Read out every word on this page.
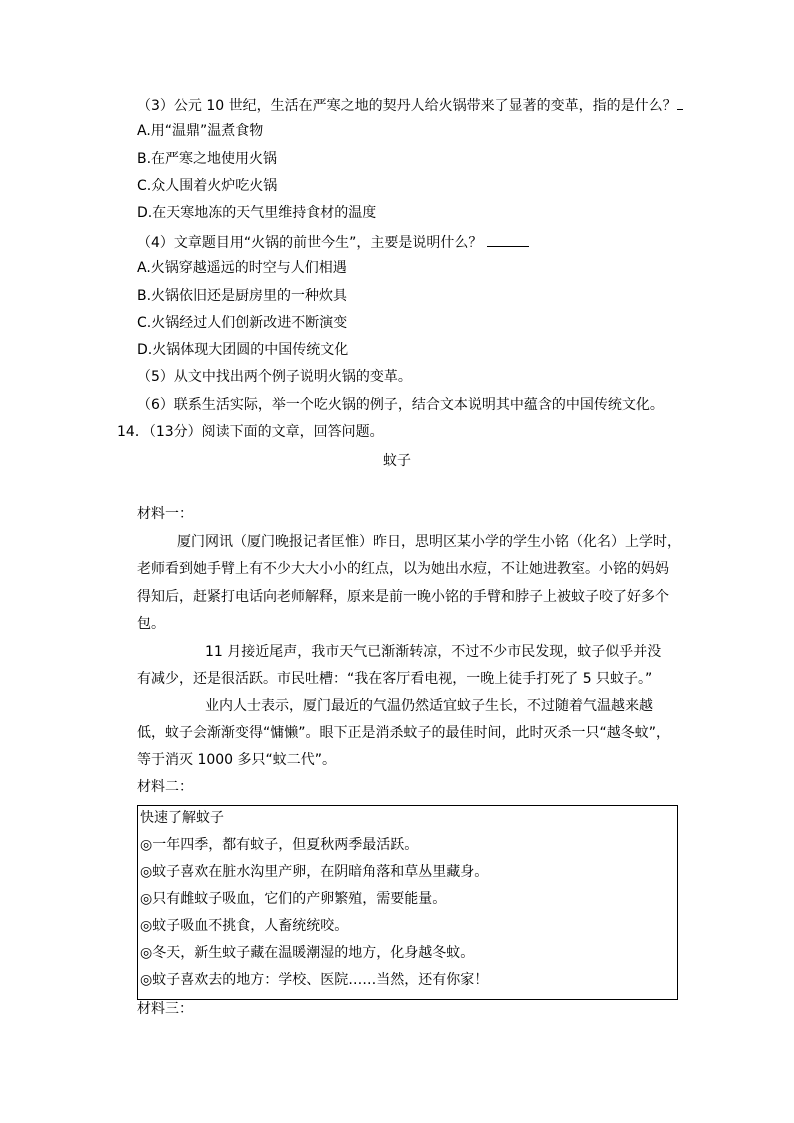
（3）公元 10 世纪，生活在严寒之地的契丹人给火锅带来了显著的变革，指的是什么？
A.用“温鼎”温煮食物
B.在严寒之地使用火锅
C.众人围着火炉吃火锅
D.在天寒地冻的天气里维持食材的温度
（4）文章题目用“火锅的前世今生”，主要是说明什么？
A.火锅穿越遥远的时空与人们相遇
B.火锅依旧还是厨房里的一种炊具
C.火锅经过人们创新改进不断演变
D.火锅体现大团圆的中国传统文化
（5）从文中找出两个例子说明火锅的变革。
（6）联系生活实际，举一个吃火锅的例子，结合文本说明其中蕴含的中国传统文化。
14．（13分）阅读下面的文章，回答问题。
蚊子
材料一：
厦门网讯（厦门晚报记者匡惟）昨日，思明区某小学的学生小铭（化名）上学时，
老师看到她手臂上有不少大大小小的红点，以为她出水痘，不让她进教室。小铭的妈妈
得知后，赶紧打电话向老师解释，原来是前一晚小铭的手臂和脖子上被蚊子咬了好多个
包。
11 月接近尾声，我市天气已渐渐转凉，不过不少市民发现，蚊子似乎并没
有减少，还是很活跃。市民吐槽：“我在客厅看电视，一晚上徒手打死了 5 只蚊子。”
业内人士表示，厦门最近的气温仍然适宜蚊子生长，不过随着气温越来越
低，蚊子会渐渐变得“慵懒”。眼下正是消杀蚊子的最佳时间，此时灭杀一只“越冬蚊”，
等于消灭 1000 多只“蚊二代”。
材料二：
快速了解蚊子
◎一年四季，都有蚊子，但夏秋两季最活跃。
◎蚊子喜欢在脏水沟里产卵，在阴暗角落和草丛里藏身。
◎只有雌蚊子吸血，它们的产卵繁殖，需要能量。
◎蚊子吸血不挑食，人畜统统咬。
◎冬天，新生蚊子藏在温暖潮湿的地方，化身越冬蚊。
◎蚊子喜欢去的地方：学校、医院……当然，还有你家！
材料三：
